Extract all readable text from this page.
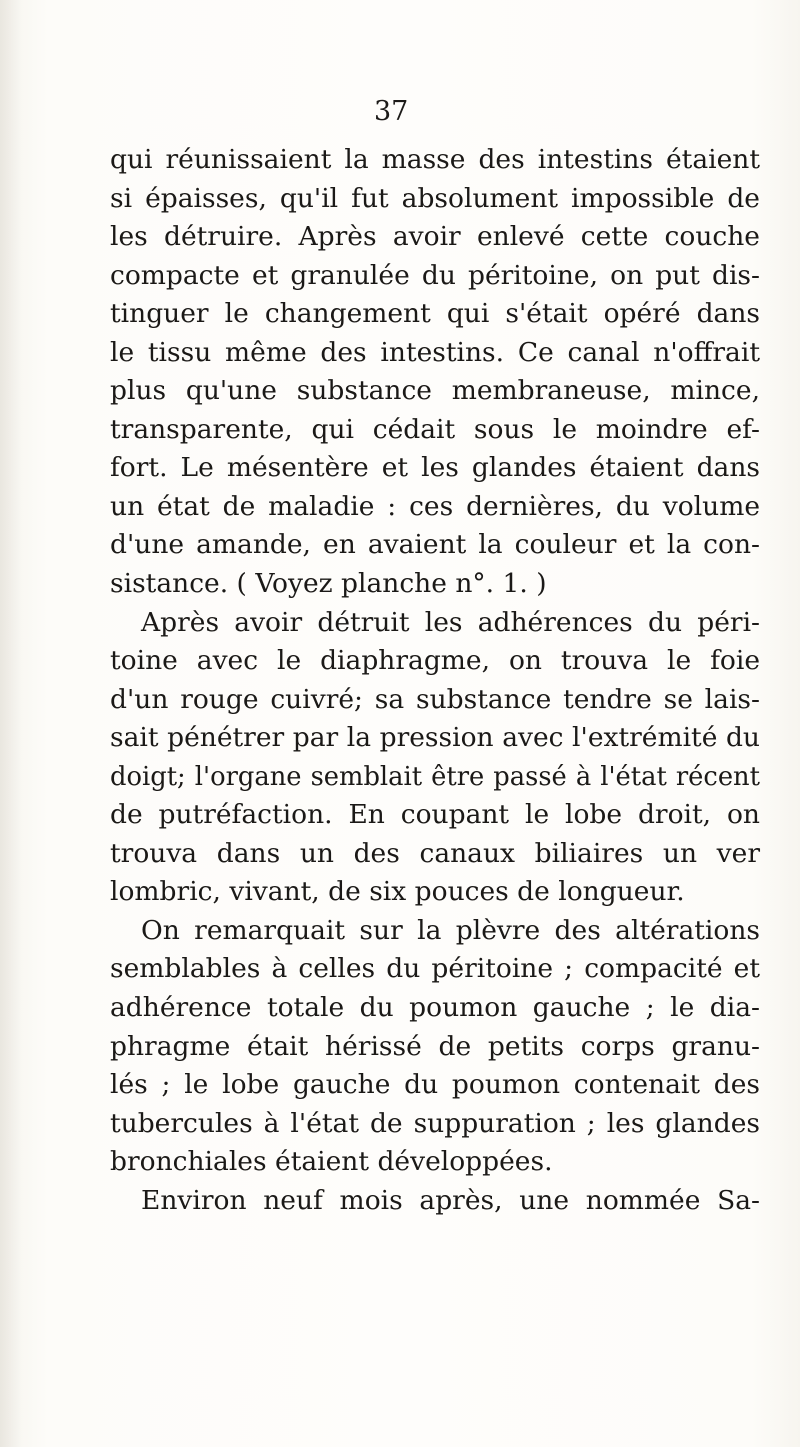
37
qui réunissaient la masse des intestins étaient
si épaisses, qu'il fut absolument impossible de
les détruire. Après avoir enlevé cette couche
compacte et granulée du péritoine, on put dis-
tinguer le changement qui s'était opéré dans
le tissu même des intestins. Ce canal n'offrait
plus qu'une substance membraneuse, mince,
transparente, qui cédait sous le moindre ef-
fort. Le mésentère et les glandes étaient dans
un état de maladie : ces dernières, du volume
d'une amande, en avaient la couleur et la con-
sistance. ( Voyez planche n°. 1. )
Après avoir détruit les adhérences du péri-
toine avec le diaphragme, on trouva le foie
d'un rouge cuivré; sa substance tendre se lais-
sait pénétrer par la pression avec l'extrémité du
doigt; l'organe semblait être passé à l'état récent
de putréfaction. En coupant le lobe droit, on
trouva dans un des canaux biliaires un ver
lombric, vivant, de six pouces de longueur.
On remarquait sur la plèvre des altérations
semblables à celles du péritoine ; compacité et
adhérence totale du poumon gauche ; le dia-
phragme était hérissé de petits corps granu-
lés ; le lobe gauche du poumon contenait des
tubercules à l'état de suppuration ; les glandes
bronchiales étaient développées.
Environ neuf mois après, une nommée Sa-
